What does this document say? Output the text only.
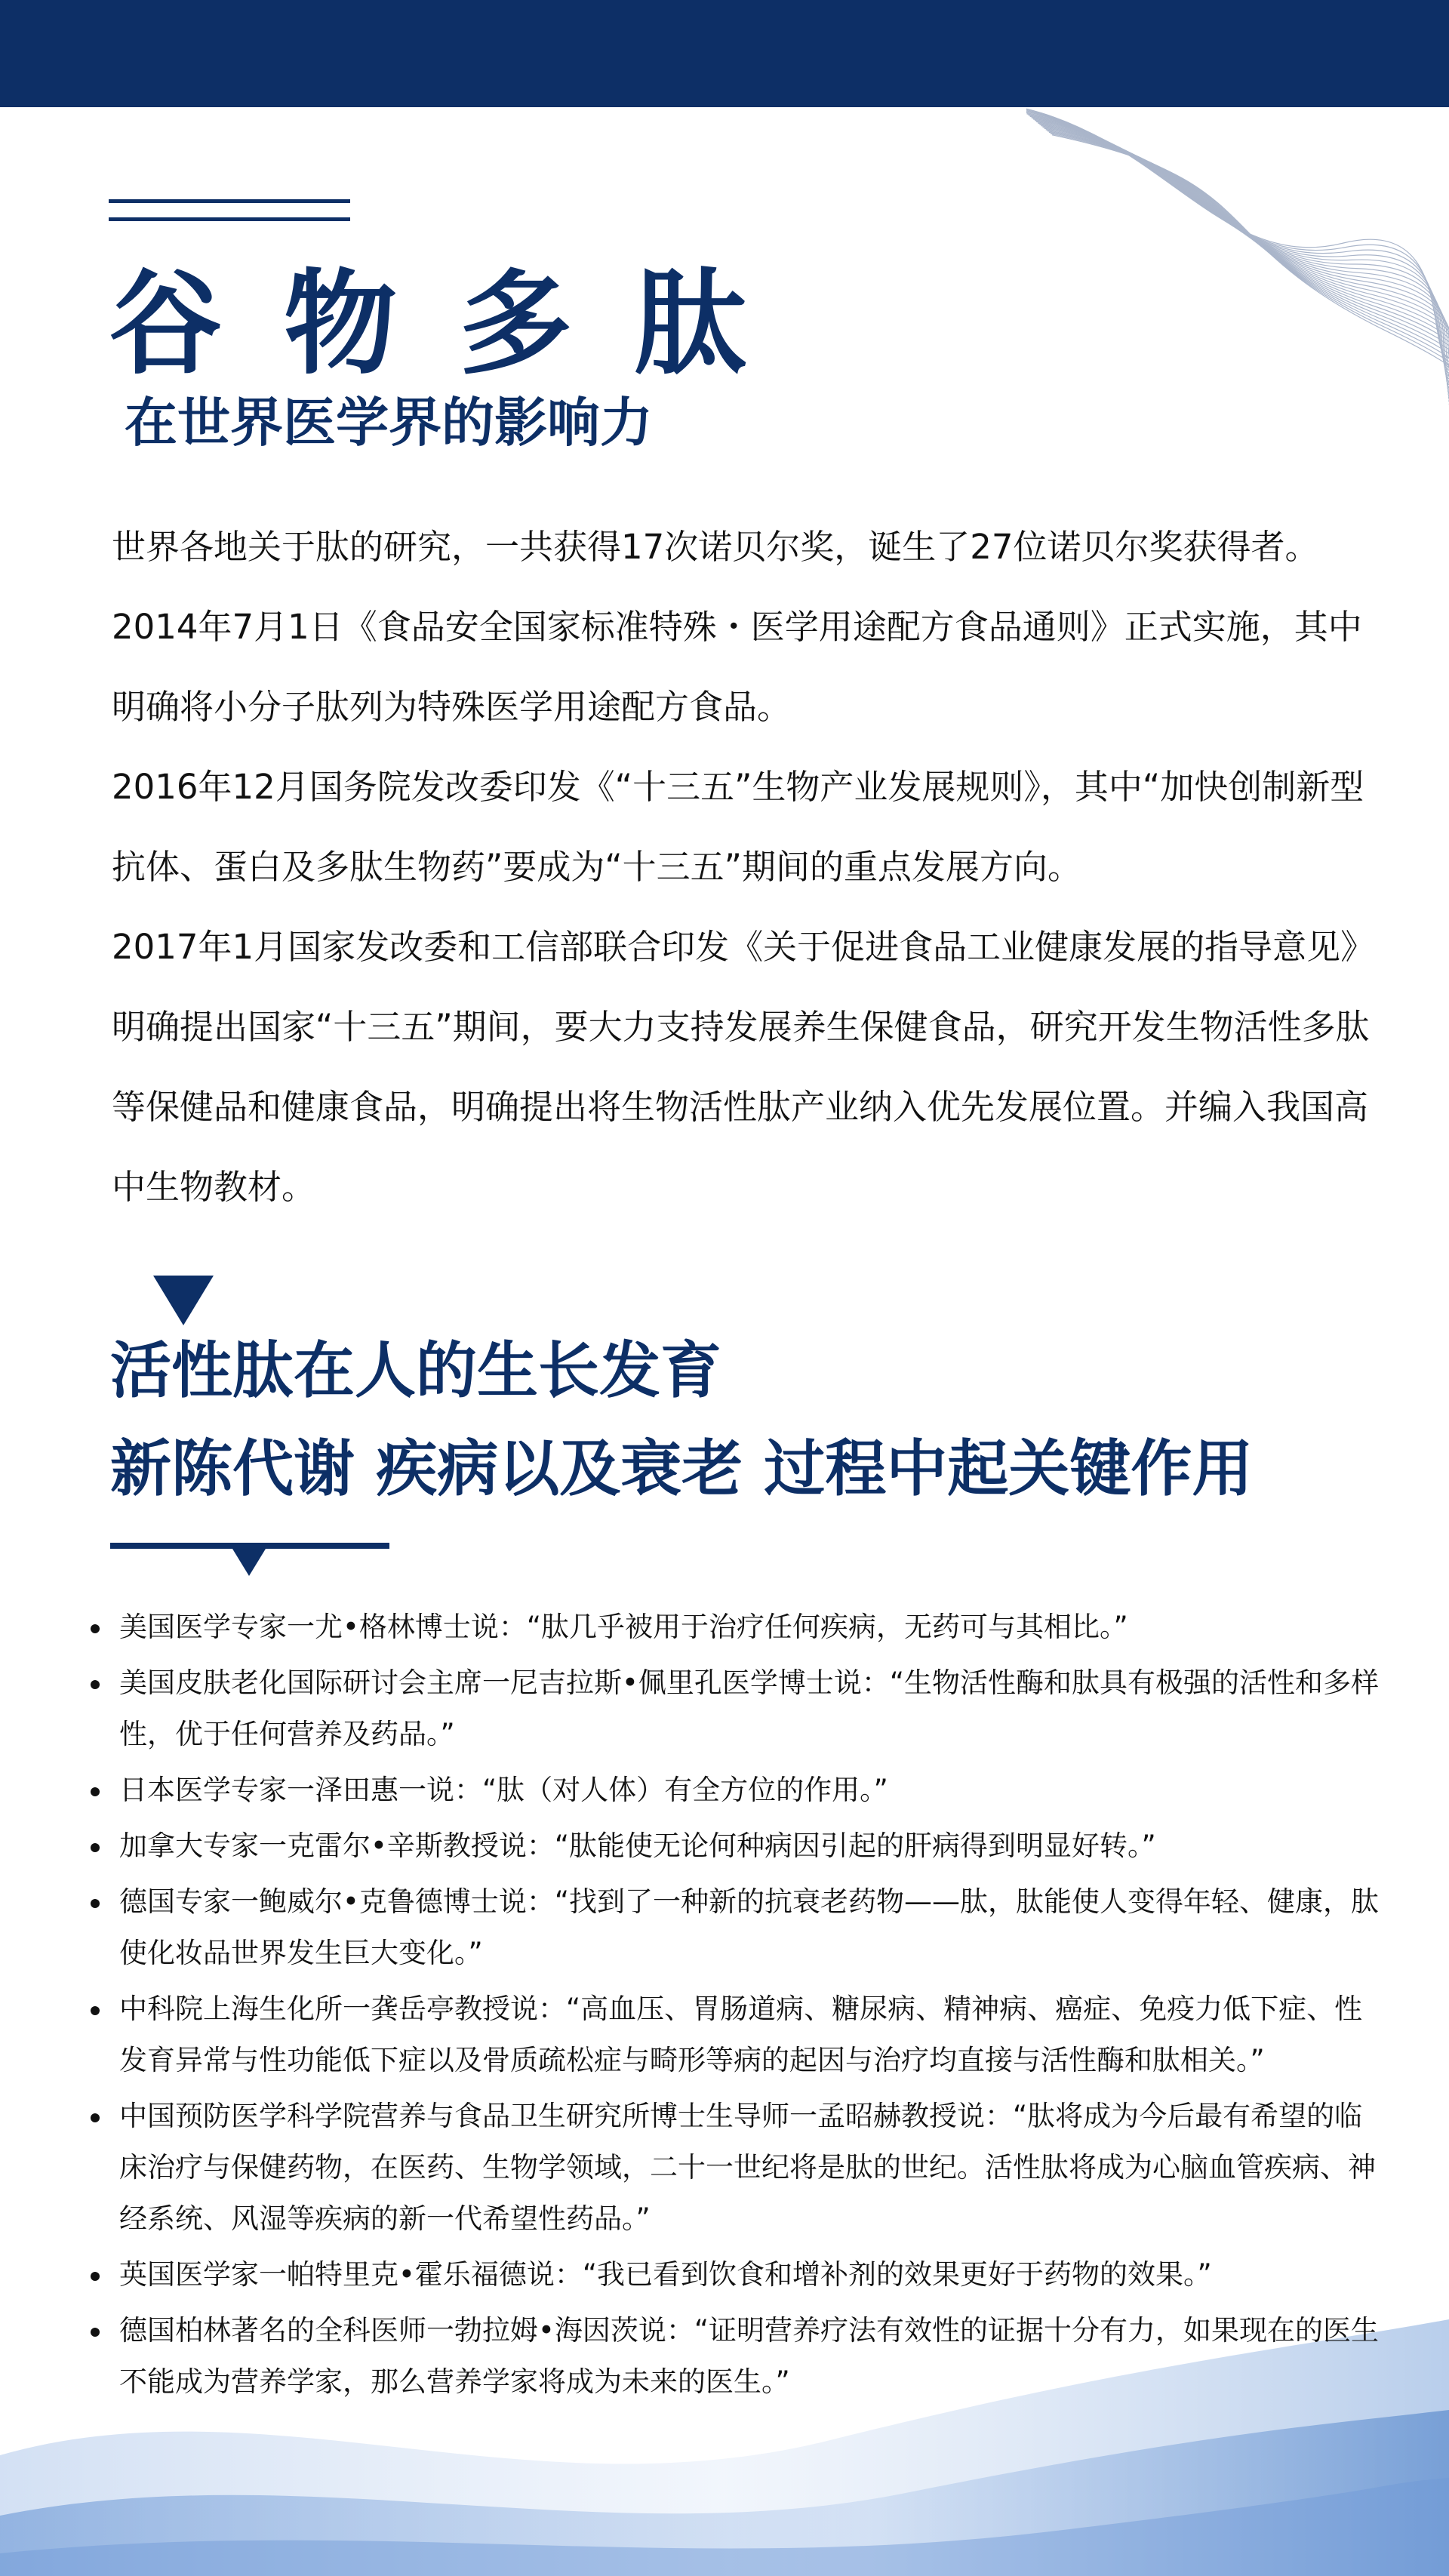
谷物多肽
在世界医学界的影响力

世界各地关于肽的研究，一共获得17次诺贝尔奖，诞生了27位诺贝尔奖获得者。

2014年7月1日《食品安全国家标准特殊・医学用途配方食品通则》正式实施，其中明确将小分子肽列为特殊医学用途配方食品。

2016年12月国务院发改委印发《“十三五”生物产业发展规则》，其中“加快创制新型抗体、蛋白及多肽生物药”要成为“十三五”期间的重点发展方向。

2017年1月国家发改委和工信部联合印发《关于促进食品工业健康发展的指导意见》明确提出国家“十三五”期间，要大力支持发展养生保健食品，研究开发生物活性多肽等保健品和健康食品，明确提出将生物活性肽产业纳入优先发展位置。并编入我国高中生物教材。

活性肽在人的生长发育
新陈代谢 疾病以及衰老 过程中起关键作用
美国医学专家一尤•格林博士说：“肽几乎被用于治疗任何疾病，无药可与其相比。”
美国皮肤老化国际研讨会主席一尼吉拉斯•佩里孔医学博士说：“生物活性酶和肽具有极强的活性和多样性，优于任何营养及药品。”
日本医学专家一泽田惠一说：“肽（对人体）有全方位的作用。”
加拿大专家一克雷尔•辛斯教授说：“肽能使无论何种病因引起的肝病得到明显好转。”
德国专家一鲍威尔•克鲁德博士说：“找到了一种新的抗衰老药物——肽，肽能使人变得年轻、健康，肽使化妆品世界发生巨大变化。”
中科院上海生化所一龚岳亭教授说：“高血压、胃肠道病、糖尿病、精神病、癌症、免疫力低下症、性发育异常与性功能低下症以及骨质疏松症与畸形等病的起因与治疗均直接与活性酶和肽相关。”
中国预防医学科学院营养与食品卫生研究所博士生导师一孟昭赫教授说：“肽将成为今后最有希望的临床治疗与保健药物，在医药、生物学领域，二十一世纪将是肽的世纪。活性肽将成为心脑血管疾病、神经系统、风湿等疾病的新一代希望性药品。”
英国医学家一帕特里克•霍乐福德说：“我已看到饮食和增补剂的效果更好于药物的效果。”
德国柏林著名的全科医师一勃拉姆•海因茨说：“证明营养疗法有效性的证据十分有力，如果现在的医生不能成为营养学家，那么营养学家将成为未来的医生。”
